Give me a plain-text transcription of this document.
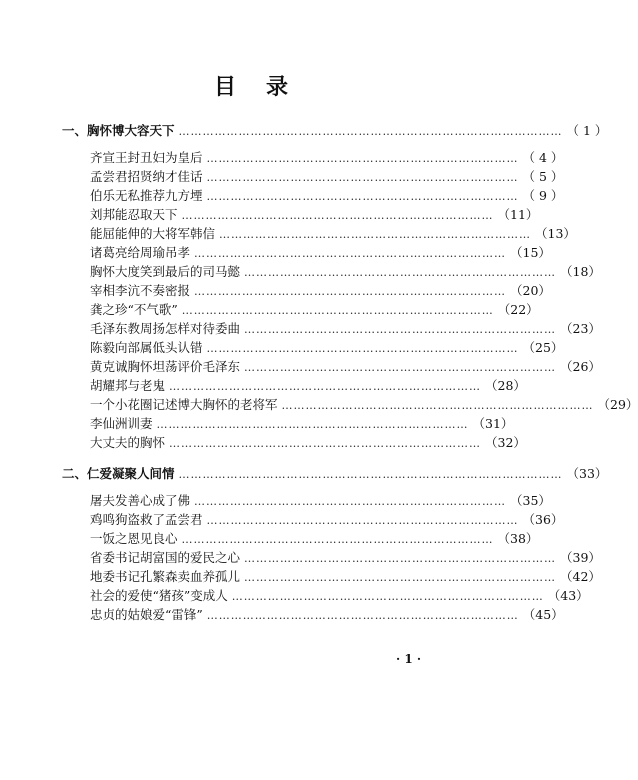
目 录
一、胸怀博大容天下 …………………………………………………………………………………… （ 1 ）
齐宣王封丑妇为皇后 …………………………………………………………………… （ 4 ）
孟尝君招贤纳才佳话 …………………………………………………………………… （ 5 ）
伯乐无私推荐九方堙 …………………………………………………………………… （ 9 ）
刘邦能忍取天下 …………………………………………………………………… （11）
能屈能伸的大将军韩信 …………………………………………………………………… （13）
诸葛亮给周瑜吊孝 …………………………………………………………………… （15）
胸怀大度笑到最后的司马懿 …………………………………………………………………… （18）
宰相李沆不奏密报 …………………………………………………………………… （20）
龚之珍“不气歌” …………………………………………………………………… （22）
毛泽东教周扬怎样对待委曲 …………………………………………………………………… （23）
陈毅向部属低头认错 …………………………………………………………………… （25）
黄克诚胸怀坦荡评价毛泽东 …………………………………………………………………… （26）
胡耀邦与老鬼 …………………………………………………………………… （28）
一个小花圈记述博大胸怀的老将军 …………………………………………………………………… （29）
李仙洲训妻 …………………………………………………………………… （31）
大丈夫的胸怀 …………………………………………………………………… （32）
二、仁爱凝聚人间情 …………………………………………………………………………………… （33）
屠夫发善心成了佛 …………………………………………………………………… （35）
鸡鸣狗盗救了孟尝君 …………………………………………………………………… （36）
一饭之恩见良心 …………………………………………………………………… （38）
省委书记胡富国的爱民之心 …………………………………………………………………… （39）
地委书记孔繁森卖血养孤儿 …………………………………………………………………… （42）
社会的爱使“猪孩”变成人 …………………………………………………………………… （43）
忠贞的姑娘爱“雷锋” …………………………………………………………………… （45）
· 1 ·
